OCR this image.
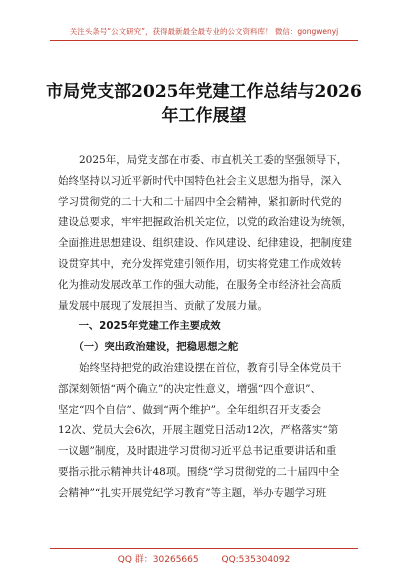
关注头条号“公文研究”，获得最新最全最专业的公文资料库！ 微信：gongwenyj
市局党支部2025年党建工作总结与2026
年工作展望
　　2025年，局党支部在市委、市直机关工委的坚强领导下，
始终坚持以习近平新时代中国特色社会主义思想为指导，深入
学习贯彻党的二十大和二十届四中全会精神，紧扣新时代党的
建设总要求，牢牢把握政治机关定位，以党的政治建设为统领，
全面推进思想建设、组织建设、作风建设、纪律建设，把制度建
设贯穿其中，充分发挥党建引领作用，切实将党建工作成效转
化为推动发展改革工作的强大动能，在服务全市经济社会高质
量发展中展现了发展担当、贡献了发展力量。
　　一、2025年党建工作主要成效
　　（一）突出政治建设，把稳思想之舵
　　始终坚持把党的政治建设摆在首位，教育引导全体党员干
部深刻领悟“两个确立”的决定性意义，增强“四个意识”、
坚定“四个自信”、做到“两个维护”。全年组织召开支委会
12次、党员大会6次，开展主题党日活动12次，严格落实“第
一议题”制度，及时跟进学习贯彻习近平总书记重要讲话和重
要指示批示精神共计48项。围绕“学习贯彻党的二十届四中全
会精神”“扎实开展党纪学习教育”等主题，举办专题学习班
QQ 群：30265665	QQ:535304092
